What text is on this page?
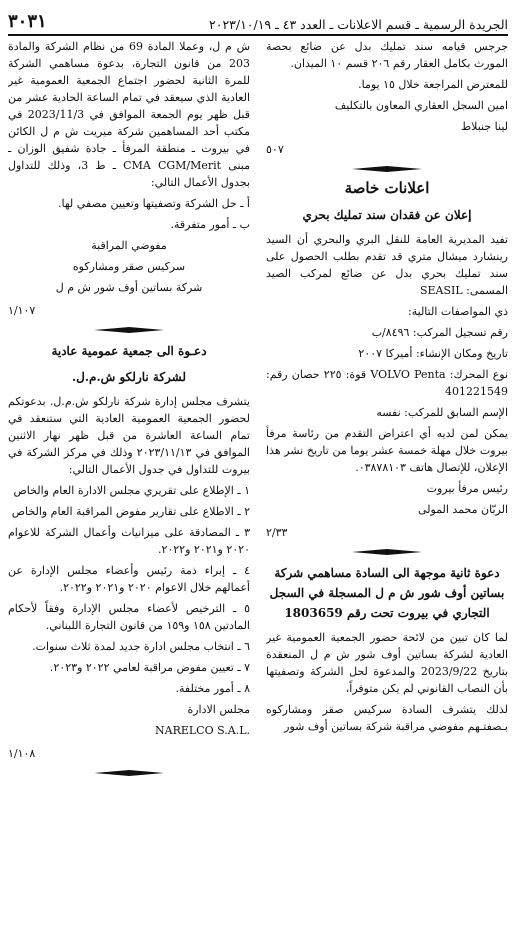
الجريدة الرسمية ـ قسم الاعلانات ـ العدد ٤٣ ـ ٢٠٢٣/١٠/١٩
٣٠٣١

جرجس قيامه سند تمليك بدل عن ضائع بحصة المورث بكامل العقار رقم ٢٠٦ قسم ١٠ الميدان.

للمعترض المراجعة خلال ١٥ يوما.

امين السجل العقاري المعاون بالتكليف

لينا جنبلاط

٥٠٧
اعلانات خاصة
إعلان عن فقدان سند تمليك بحري

تفيد المديرية العامة للنقل البري والبحري أن السيد رينشارد ميشال متري قد تقدم بطلب الحصول على سند تمليك بحري بدل عن ضائع لمركب الصيد المسمى: SEASIL

ذي المواصفات التالية:

رقم تسجيل المركب: ٨٤٩٦/ب

تاريخ ومكان الإنشاء: أميركا ٢٠٠٧

نوع المحرك: VOLVO Penta قوة: ٢٢٥ حصان رقم: 401221549

الإسم السابق للمركب: نفسه

يمكن لمن لديه أي اعتراض التقدم من رئاسة مرفأ بيروت خلال مهلة خمسة عشر يوما من تاريخ نشر هذا الإعلان، للإتصال هاتف ٠٣٨٧٨١٠٣.

رئيس مرفأ بيروت

الربّان محمد المولى

٢/٣٣
دعوة ثانية موجهة الى السادة مساهمي شركة بساتين أوف شور ش م ل المسجلة في السجل التجاري في بيروت تحت رقم 1803659

لما كان تبين من لائحة حضور الجمعية العمومية غير العادية لشركة بساتين أوف شور ش م ل المنعقدة بتاريخ 2023/9/22 والمدعوة لحل الشركة وتصفيتها بأن النصاب القانوني لم يكن متوفراً،

لذلك يتشرف السادة سركيس صقر ومشاركوه بـصفتـهم مفوضي مراقبة شركة بساتين أوف شور

ش م ل، وعملا المادة 69 من نظام الشركة والمادة 203 من قانون التجارة، بدعوة مساهمي الشركة للمرة الثانية لحضور اجتماع الجمعية العمومية غير العادية الذي سيعقد في تمام الساعة الحادية عشر من قبل ظهر يوم الجمعة الموافق في 2023/11/3 في مكتب أحد المساهمين شركة ميريت ش م ل الكائن في بيروت ـ منطقة المرفأ ـ جادة شفيق الوزان ـ مبنى CMA CGM/Merit ـ ط 3، وذلك للتداول بجدول الأعمال التالي:

أ ـ حل الشركة وتصفيتها وتعيين مصفي لها.

ب ـ أمور متفرقة.

مفوضي المراقبة

سركيس صقر ومشاركوه

شركة بساتين أوف شور ش م ل

١/١٠٧
دعـوة الى جمعية عمومية عادية
لشركة نارلكو ش.م.ل.

يتشرف مجلس إدارة شركة نارلكو ش.م.ل. بدعوتكم لحضور الجمعية العمومية العادية التي ستنعقد في تمام الساعة العاشرة من قبل ظهر نهار الاثنين الموافق في ٢٠٢٣/١١/١٣ وذلك في مركز الشركة في بيروت للتداول في جدول الأعمال التالي:

١ ـ الإطلاع على تقريري مجلس الادارة العام والخاص

٢ ـ الاطلاع على تقارير مفوض المراقبة العام والخاص

٣ ـ المصادقة على ميزانيات وأعمال الشركة للاعوام ٢٠٢٠ و٢٠٢١ و٢٠٢٢.

٤ ـ إبراء ذمة رئيس وأعضاء مجلس الإدارة عن أعمالهم خلال الاعوام ٢٠٢٠ و٢٠٢١ و٢٠٢٢.

٥ ـ الترخيص لأعضاء مجلس الإدارة وفقاً لأحكام المادتين ١٥٨ و١٥٩ من قانون التجارة اللبناني.

٦ ـ انتخاب مجلس ادارة جديد لمدة ثلاث سنوات.

٧ ـ تعيين مفوض مراقبة لعامي ٢٠٢٢ و٢٠٢٣.

٨ ـ أمور مختلفة.

مجلس الادارة

NARELCO S.A.L.

١/١٠٨
